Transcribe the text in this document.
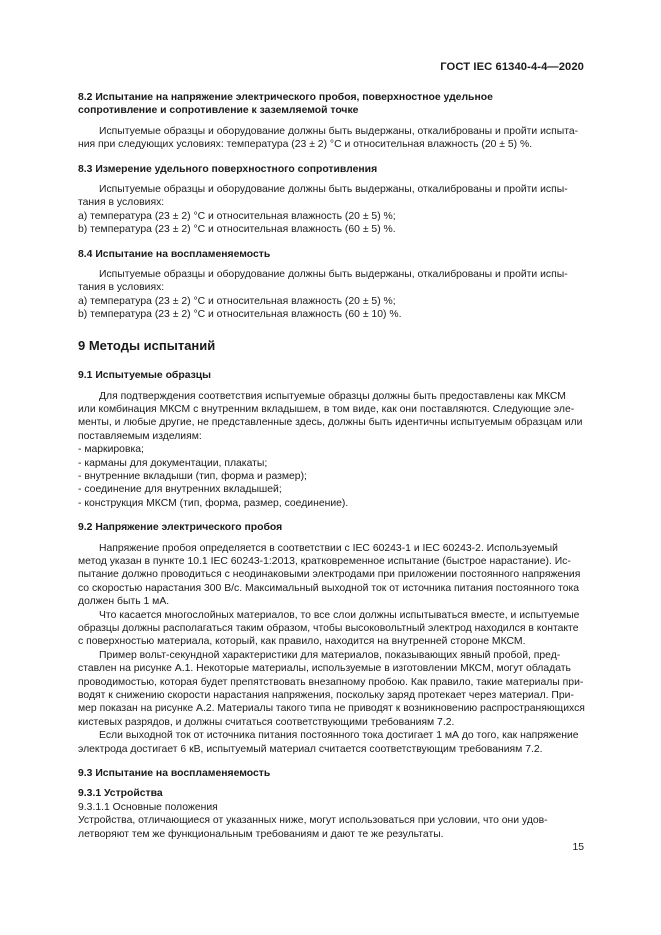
ГОСТ IEC 61340-4-4—2020

8.2 Испытание на напряжение электрического пробоя, поверхностное удельное

сопротивление и сопротивление к заземляемой точке

Испытуемые образцы и оборудование должны быть выдержаны, откалиброваны и пройти испыта-

ния при следующих условиях: температура (23 ± 2) °С и относительная влажность (20 ± 5) %.

8.3 Измерение удельного поверхностного сопротивления

Испытуемые образцы и оборудование должны быть выдержаны, откалиброваны и пройти испы-

тания в условиях:

а) температура (23 ± 2) °С и относительная влажность (20 ± 5) %;

b) температура (23 ± 2) °С и относительная влажность (60 ± 5) %.

8.4 Испытание на воспламеняемость

Испытуемые образцы и оборудование должны быть выдержаны, откалиброваны и пройти испы-

тания в условиях:

а) температура (23 ± 2) °С и относительная влажность (20 ± 5) %;

b) температура (23 ± 2) °С и относительная влажность (60 ± 10) %.

9 Методы испытаний

9.1 Испытуемые образцы

Для подтверждения соответствия испытуемые образцы должны быть предоставлены как МКСМ

или комбинация МКСМ с внутренним вкладышем, в том виде, как они поставляются. Следующие эле-

менты, и любые другие, не представленные здесь, должны быть идентичны испытуемым образцам или

поставляемым изделиям:

- маркировка;

- карманы для документации, плакаты;

- внутренние вкладыши (тип, форма и размер);

- соединение для внутренних вкладышей;

- конструкция МКСМ (тип, форма, размер, соединение).

9.2 Напряжение электрического пробоя

Напряжение пробоя определяется в соответствии с IEC 60243-1 и IEC 60243-2. Используемый

метод указан в пункте 10.1 IEC 60243-1:2013, кратковременное испытание (быстрое нарастание). Ис-

пытание должно проводиться с неодинаковыми электродами при приложении постоянного напряжения

со скоростью нарастания 300 В/с. Максимальный выходной ток от источника питания постоянного тока

должен быть 1 мА.

Что касается многослойных материалов, то все слои должны испытываться вместе, и испытуемые

образцы должны располагаться таким образом, чтобы высоковольтный электрод находился в контакте

с поверхностью материала, который, как правило, находится на внутренней стороне МКСМ.

Пример вольт-секундной характеристики для материалов, показывающих явный пробой, пред-

ставлен на рисунке А.1. Некоторые материалы, используемые в изготовлении МКСМ, могут обладать

проводимостью, которая будет препятствовать внезапному пробою. Как правило, такие материалы при-

водят к снижению скорости нарастания напряжения, поскольку заряд протекает через материал. При-

мер показан на рисунке А.2. Материалы такого типа не приводят к возникновению распространяющихся

кистевых разрядов, и должны считаться соответствующими требованиям 7.2.

Если выходной ток от источника питания постоянного тока достигает 1 мА до того, как напряжение

электрода достигает 6 кВ, испытуемый материал считается соответствующим требованиям 7.2.

9.3 Испытание на воспламеняемость

9.3.1 Устройства

9.3.1.1 Основные положения

Устройства, отличающиеся от указанных ниже, могут использоваться при условии, что они удов-

летворяют тем же функциональным требованиям и дают те же результаты.

15
